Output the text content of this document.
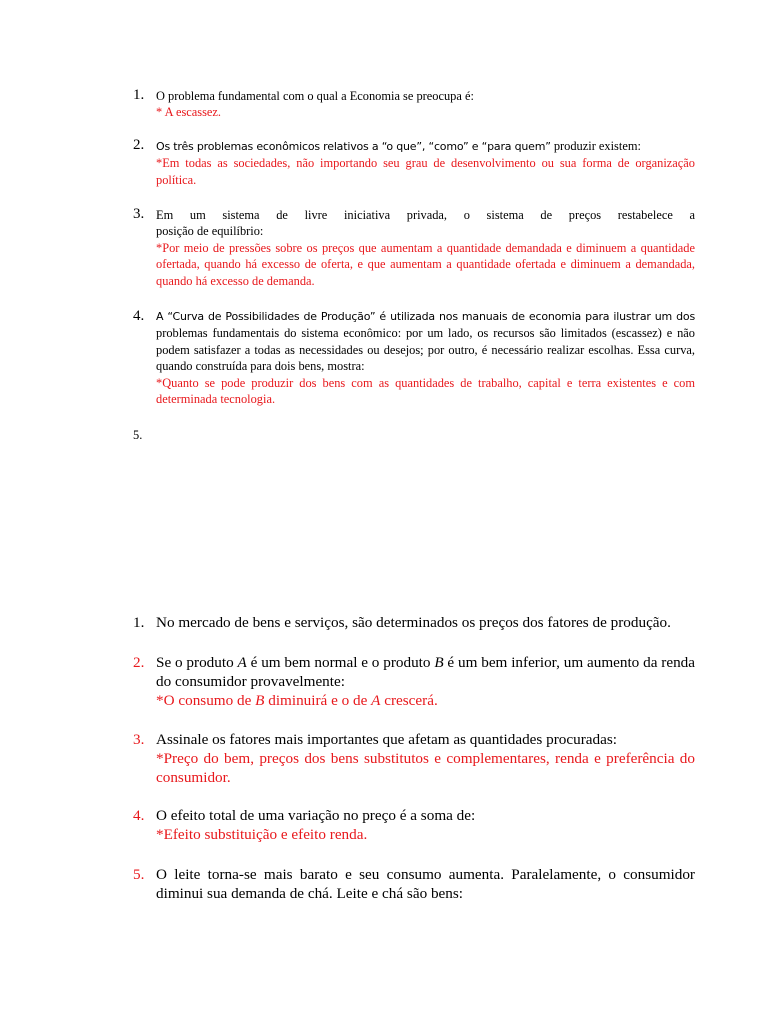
1. O problema fundamental com o qual a Economia se preocupa é:

* A escassez.

2. Os três problemas econômicos relativos a “o que”, “como” e “para quem” produzir existem:

*Em todas as sociedades, não importando seu grau de desenvolvimento ou sua forma de organização política.

3. Em um sistema de livre iniciativa privada, o sistema de preços restabelece a

posição de equilíbrio:

*Por meio de pressões sobre os preços que aumentam a quantidade demandada e diminuem a quantidade ofertada, quando há excesso de oferta, e que aumentam a quantidade ofertada e diminuem a demandada, quando há excesso de demanda.

4. A “Curva de Possibilidades de Produção” é utilizada nos manuais de economia para ilustrar um dos

problemas fundamentais do sistema econômico: por um lado, os recursos são limitados (escassez) e não podem satisfazer a todas as necessidades ou desejos; por outro, é necessário realizar escolhas. Essa curva, quando construída para dois bens, mostra:

*Quanto se pode produzir dos bens com as quantidades de trabalho, capital e terra existentes e com determinada tecnologia.

5.
1. No mercado de bens e serviços, são determinados os preços dos fatores de produção.

2. Se o produto A é um bem normal e o produto B é um bem inferior, um aumento da renda do consumidor provavelmente:

*O consumo de B diminuirá e o de A crescerá.

3. Assinale os fatores mais importantes que afetam as quantidades procuradas:

*Preço do bem, preços dos bens substitutos e complementares, renda e preferência do consumidor.

4. O efeito total de uma variação no preço é a soma de:

*Efeito substituição e efeito renda.

5. O leite torna-se mais barato e seu consumo aumenta. Paralelamente, o consumidor diminui sua demanda de chá. Leite e chá são bens:
